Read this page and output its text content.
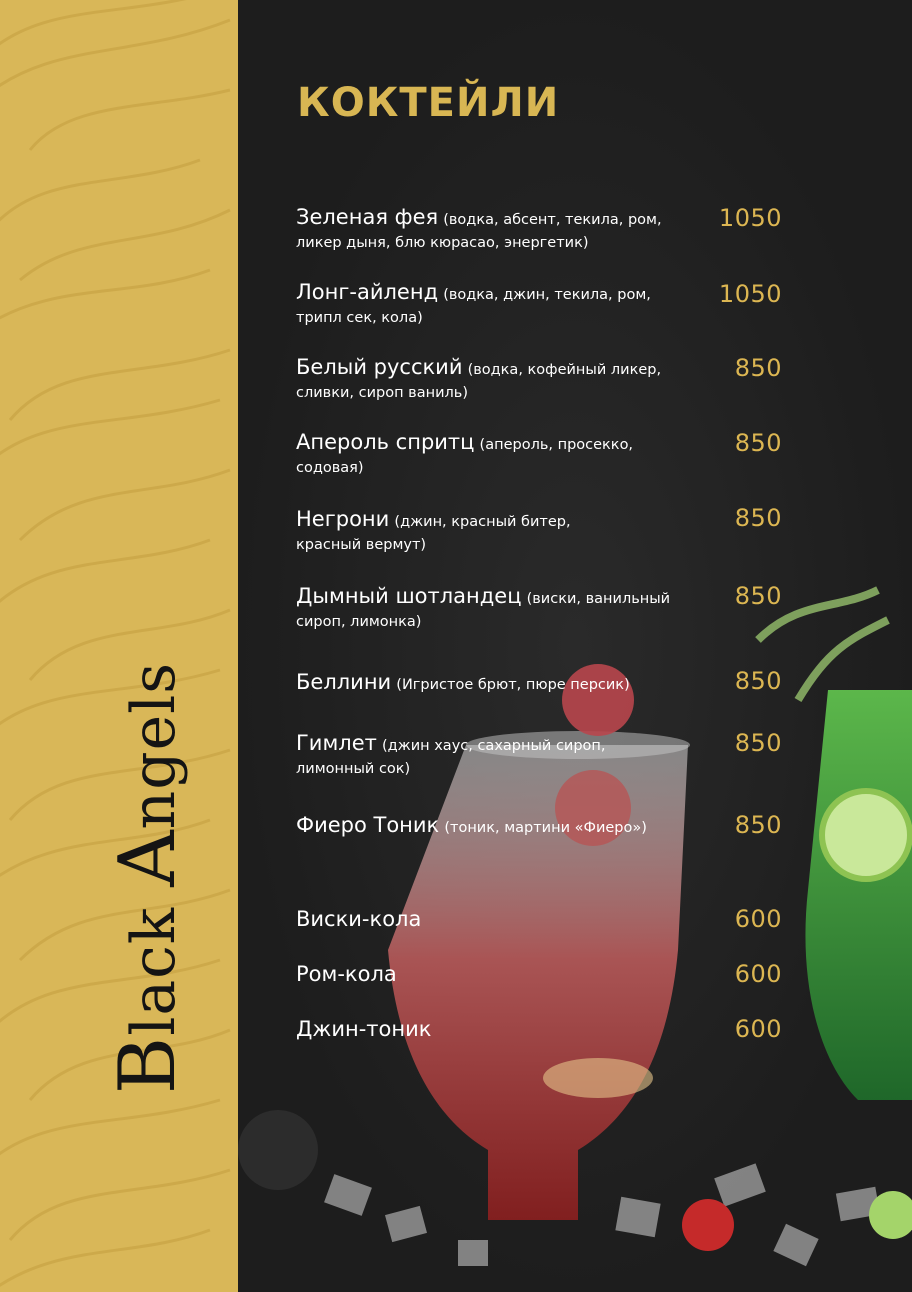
Black Angels
КОКТЕЙЛИ
Зеленая фея (водка, абсент, текила, ром,
ликер дыня, блю кюрасао, энергетик)
1050
Лонг-айленд (водка, джин, текила, ром,
трипл сек, кола)
1050
Белый русский (водка, кофейный ликер,
сливки, сироп ваниль)
850
Апероль спритц (апероль, просекко,
содовая)
850
Негрони (джин, красный битер,
красный вермут)
850
Дымный шотландец (виски, ванильный
сироп, лимонка)
850
Беллини (Игристое брют, пюре персик)	850
Гимлет (джин хаус, сахарный сироп,
лимонный сок)
850
Фиеро Тоник (тоник, мартини «Фиеро»)	850
Виски-кола	600
Ром-кола	600
Джин-тоник	600
